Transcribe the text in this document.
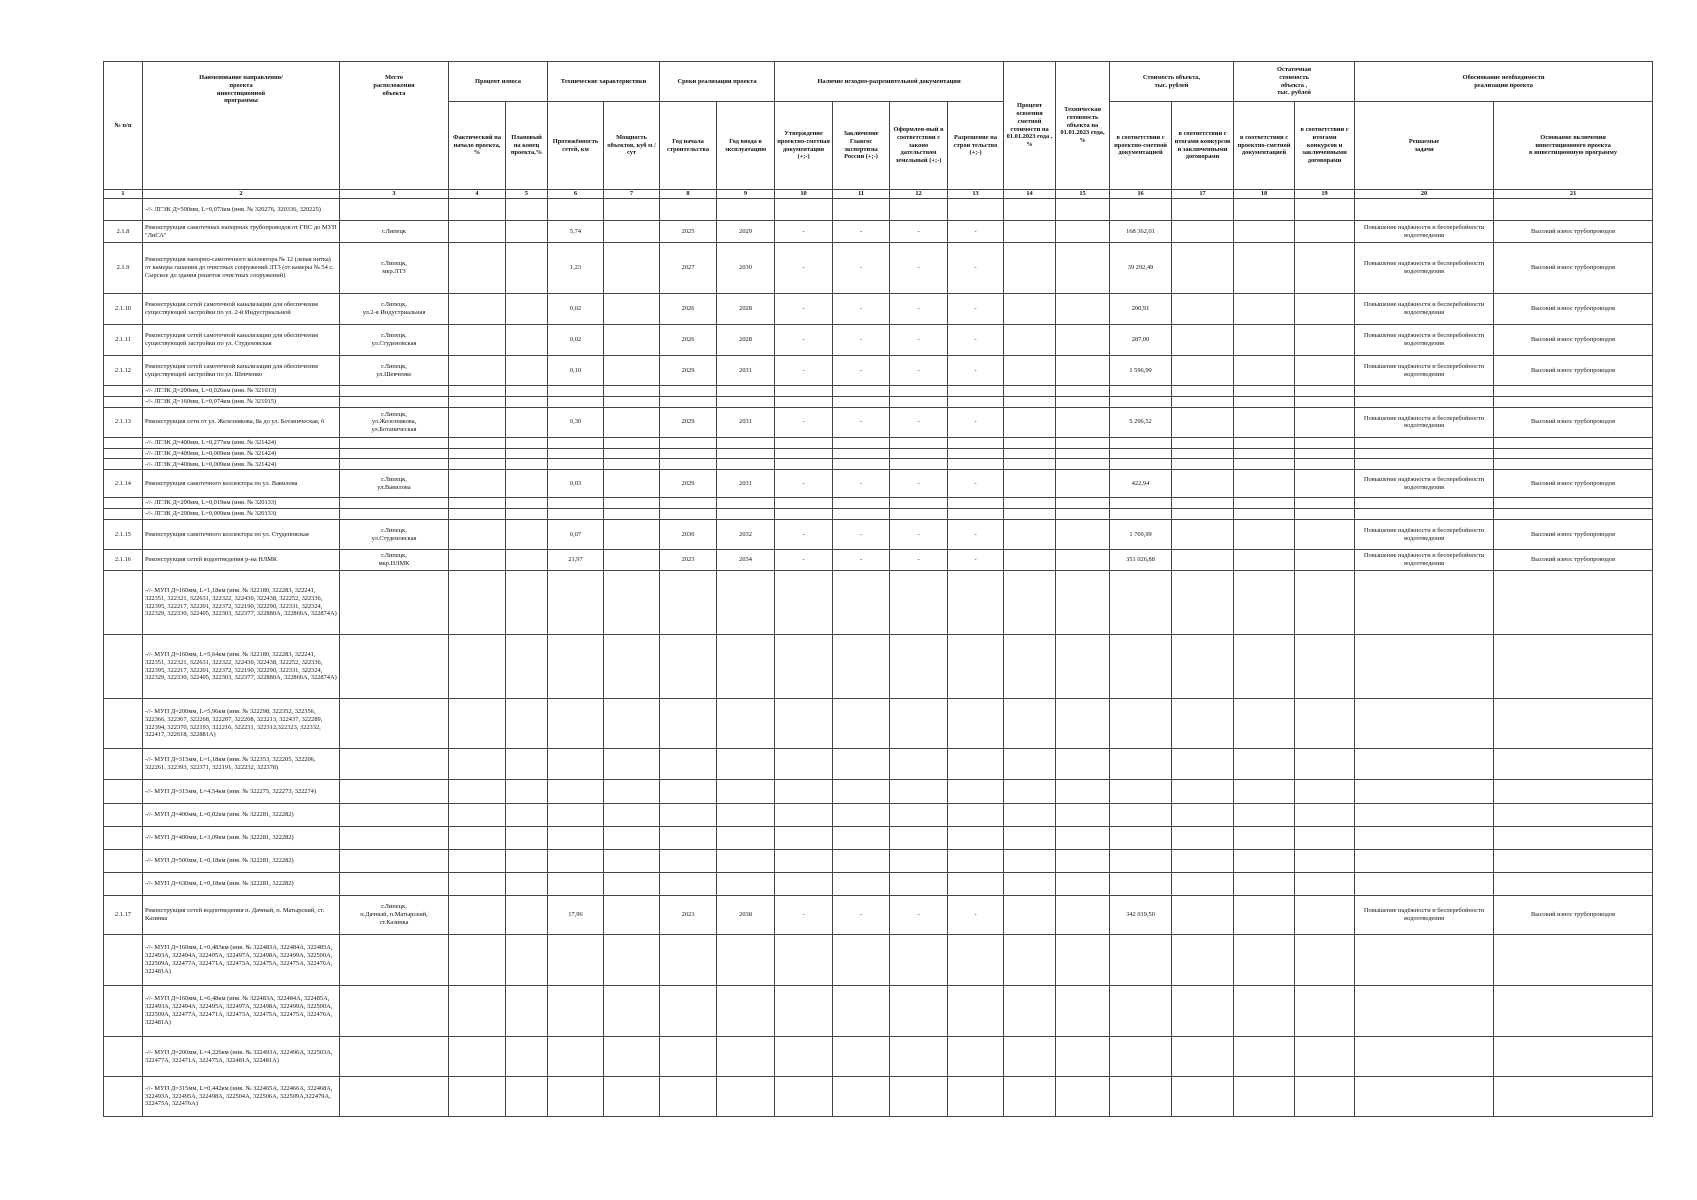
№ п/п	Наименование направления/
проекта
инвестиционной
программы	Место
расположения
объекта	Процент износа		Технические характеристики		Сроки реализации проекта		Наличие исходно-разрешительной документации				Процент освоения сметной стоимости на 01.01.2023 года , %	Техническая готовность объекта на 01.01.2023 года, %	Стоимость объекта,
тыс. рублей		Остаточная
стоимость
объекта ,
тыс. рублей		Обоснование необходимости
реализации проекта	
			Фактический на начало проекта, %	Плановый на конец проекта,%	Протяжённость сетей, км	Мощность объектов, куб м /сут	Год начала строительства	Год ввода в эксплуатацию	Утверждение проектно-сметная документация (+;-)	Заключение Главгос экспертизы России (+;-)	Оформлен-ный в соответствии с законо дательством земельный (+;-)	Разрешение на строи тельство (+;-)			в соответствии с проектно-сметной документацией	в соответствии с итогами конкурсов и заключенными договорами	в соответствии с проектно-сметной документацией	в соответствии с итогами конкурсов и заключенными договорами	Решаемые
задачи	Основание включения
инвестиционного проекта
в инвестиционную программу
1	2	3	4	5	6	7	8	9	10	11	12	13	14	15	16	17	18	19	20	21
	-//- ЛГЭК Д=500мм, L=0,073км (инв. № 320276, 320336, 320225)																			
2.1.8	Реконструкция самотечных напорных трубопроводов от ГНС до МУП "ЛиСА"	г.Липецк			5,74		2025	2029	-	-	-	-			168 362,01				Повышение надёжности и бесперебойности водоотведения	Высокий износ трубопроводов
2.1.9	Реконструкция напорно-самотечного коллектора № 12 (левая нитка) от камеры гашения до очистных сооружений ЛТЗ (от камеры № 54 с. Сырское до здания решеток очистных сооружений)	г.Липецк,
мкр.ЛТЗ			1,23		2027	2030	-	-	-	-			39 292,49				Повышение надёжности и бесперебойности водоотведения	Высокий износ трубопроводов
2.1.10	Реконструкция сетей самотечной канализации для обеспечения существующей застройки по ул. 2-й Индустриальной	г.Липецк,
ул.2-я Индустриальная			0,02		2026	2028	-	-	-	-			200,91				Повышение надёжности и бесперебойности водоотведения	Высокий износ трубопроводов
2.1.11	Реконструкция сетей самотечной канализации для обеспечения существующей застройки по ул. Студеновская	г.Липецк,
ул.Студеновская			0,02		2026	2028	-	-	-	-			287,00				Повышение надёжности и бесперебойности водоотведения	Высокий износ трубопроводов
2.1.12	Реконструкция сетей самотечной канализации для обеспечения существующей застройки по ул. Шевченко	г.Липецк,
ул.Шевченко			0,10		2029	2031	-	-	-	-			1 596,90				Повышение надёжности и бесперебойности водоотведения	Высокий износ трубопроводов
	-//- ЛГЭК Д=200мм, L=0,026км (инв. № 321013)																			
	-//- ЛГЭК Д=160мм, L=0,074км (инв. № 321015)																			
2.1.13	Реконструкция сети от ул. Железнякова, 8а до ул. Ботаническая, 6	г.Липецк,
ул.Железнякова,
ул.Ботаническая			0,30		2029	2031	-	-	-	-			5 296,52				Повышение надёжности и бесперебойности водоотведения	Высокий износ трубопроводов
	-//- ЛГЭК Д=400мм, L=0,277км (инв. № 321424)																			
	-//- ЛГЭК Д=400мм, L=0,009км (инв. № 321424)																			
	-//- ЛГЭК Д=400мм, L=0,009км (инв. № 321424)																			
2.1.14	Реконструкция самотечного коллектора по ул. Вавилова	г.Липецк,
ул.Вавилова			0,03		2029	2031	-	-	-	-			422,94				Повышение надёжности и бесперебойности водоотведения	Высокий износ трубопроводов
	-//- ЛГЭК Д=200мм, L=0,019км (инв. № 320133)																			
	-//- ЛГЭК Д=200мм, L=0,009км (инв. № 320133)																			
2.1.15	Реконструкция самотечного коллектора по ул. Студеновская	г.Липецк,
ул.Студеновская			0,07		2030	2032	-	-	-	-			1 769,99				Повышение надёжности и бесперебойности водоотведения	Высокий износ трубопроводов
2.1.16	Реконструкция сетей водоотведения р-на НЛМК	г.Липецк,
мкр.НЛМК			21,97		2023	2034	-	-	-	-			351 026,88				Повышение надёжности и бесперебойности водоотведения	Высокий износ трубопроводов
	-//- МУП Д=160мм, L=1,18км (инв. № 322180, 322283, 322241, 322351, 322321, 322631, 322322, 322430, 322438, 322252, 322336, 322395, 322217, 322201, 322372, 322190, 322290, 322331, 322324, 322329, 322330, 322405, 322303, 322377, 322880А, 322866А, 322874А)																			
	-//- МУП Д=160мм, L=5,64км (инв. № 322180, 322283, 322241, 322351, 322321, 322631, 322322, 322430, 322438, 322252, 322336, 322395, 322217, 322201, 322372, 322190, 322290, 322331, 322324, 322329, 322330, 322405, 322303, 322377, 322880А, 322866А, 322874А)																			
	-//- МУП Д=200мм, L=5,96км (инв. № 322298, 322352, 322356, 322366, 322367, 322268, 322207, 322208, 322213, 322437, 322289, 322394, 322370, 322193, 322216, 322231, 322312,322323, 322332, 322417, 322618, 322881А)																			
	-//- МУП Д=315мм, L=1,18км (инв. № 322353, 322205, 322206, 322261, 322393, 322371, 322191, 322232, 322378)																			
	-//- МУП Д=315мм, L=4,54км (инв. № 322275, 322273, 322274)																			
	-//- МУП Д=400мм, L=0,02км (инв. № 322281, 322282)																			
	-//- МУП Д=400мм, L=3,09км (инв. № 322281, 322282)																			
	-//- МУП Д=500мм, L=0,18км (инв. № 322281, 322282)																			
	-//- МУП Д=630мм, L=0,18км (инв. № 322281, 322282)																			
2.1.17	Реконструкция сетей водоотведения п. Дачный, п. Матырский, ст. Казинка	г.Липецк,
п.Дачный, п.Матырский,
ст.Казинка			17,96		2023	2038	-	-	-	-			342 019,50				Повышение надёжности и бесперебойности водоотведения	Высокий износ трубопроводов
	-//- МУП Д=160мм, L=0,483км (инв. № 322483А, 322484А, 322485А, 322493А, 322494А, 322495А, 322497А, 322498А, 322499А, 322500А, 322509А, 322477А, 322471А, 322473А, 322475А, 322475А, 322476А, 322481А)																			
	-//- МУП Д=160мм, L=6,48км (инв. № 322483А, 322484А, 322485А, 322493А, 322494А, 322495А, 322497А, 322498А, 322499А, 322500А, 322509А, 322477А, 322471А, 322473А, 322475А, 322475А, 322476А, 322481А)																			
	-//- МУП Д=200мм, L=4,226км (инв. № 322493А, 322496А, 322503А, 322477А, 322471А, 322475А, 322481А, 322481А)																			
	-//- МУП Д=315мм, L=0,442км (инв. № 322465А, 322466А, 322468А, 322493А, 322495А, 322498А, 322504А, 322506А, 322509А,322479А, 322475А, 322476А)																			
